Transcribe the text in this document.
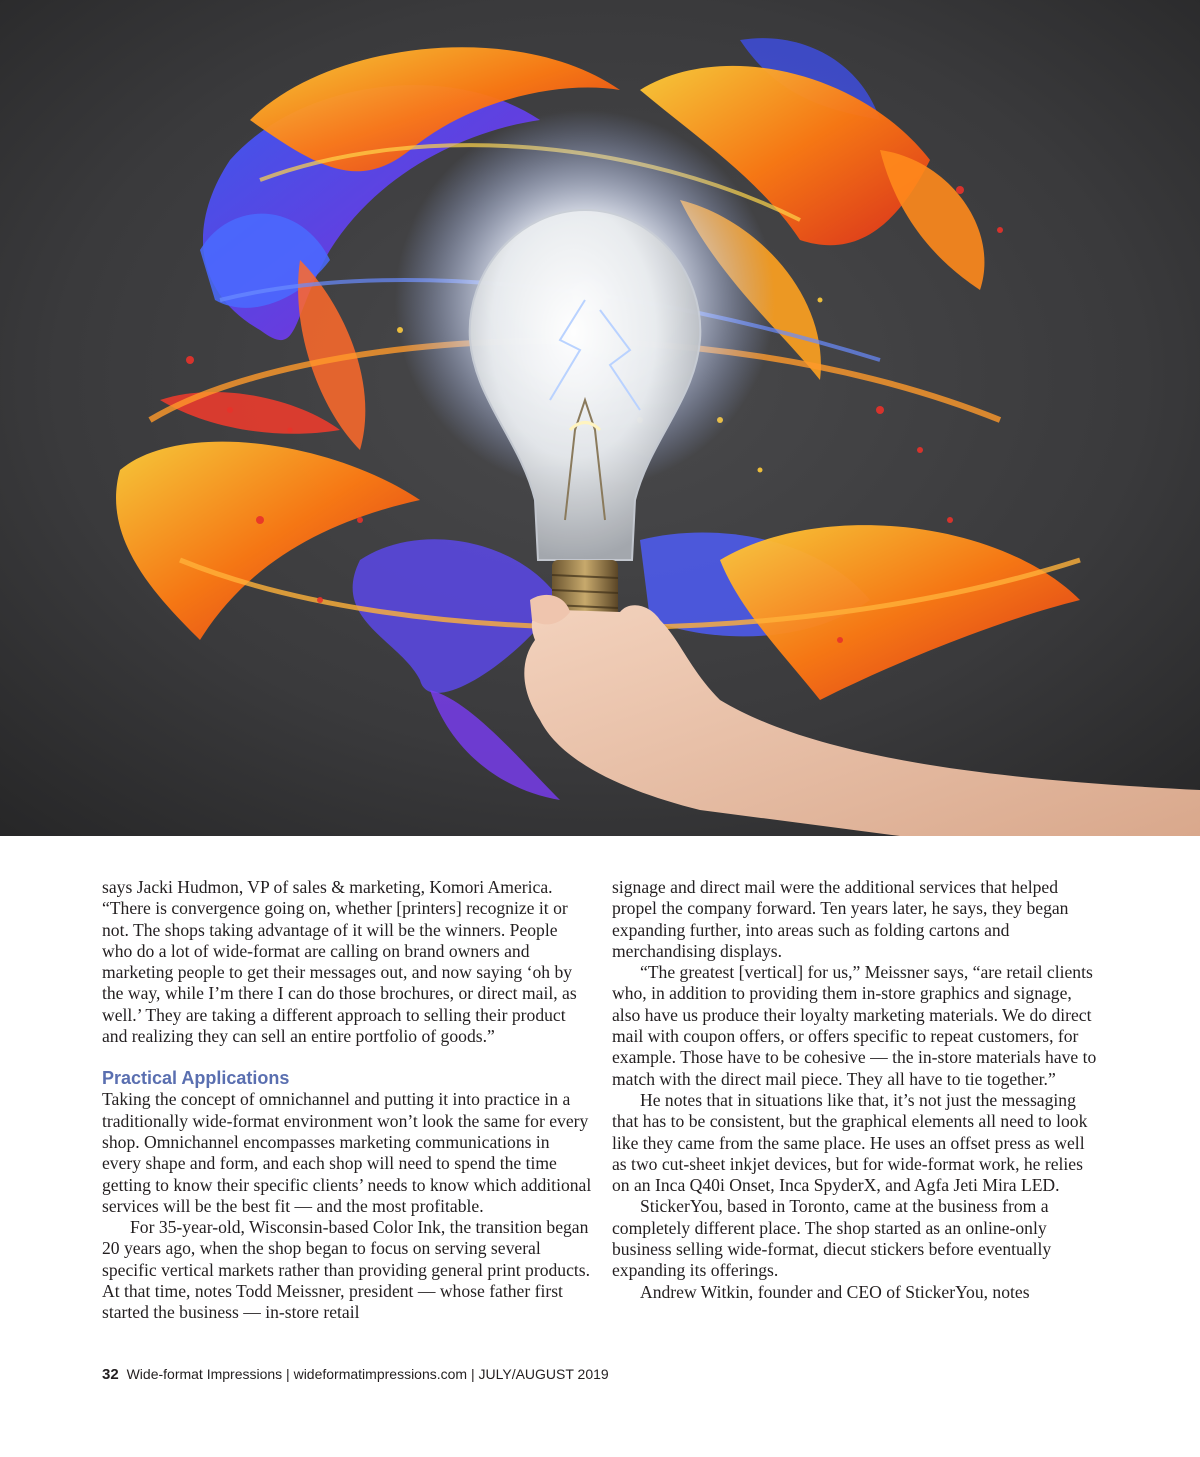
says Jacki Hudmon, VP of sales & marketing, Komori America. “There is convergence going on, whether [printers] recognize it or not. The shops taking advantage of it will be the winners. People who do a lot of wide-format are calling on brand owners and marketing people to get their messages out, and now saying ‘oh by the way, while I’m there I can do those brochures, or direct mail, as well.’ They are taking a different approach to selling their product and realizing they can sell an entire portfolio of goods.”

Practical Applications

Taking the concept of omnichannel and putting it into practice in a traditionally wide-format environment won’t look the same for every shop. Omnichannel encompasses marketing communications in every shape and form, and each shop will need to spend the time getting to know their specific clients’ needs to know which additional services will be the best fit — and the most profitable.

For 35-year-old, Wisconsin-based Color Ink, the transition began 20 years ago, when the shop began to focus on serving several specific vertical markets rather than providing general print products. At that time, notes Todd Meissner, president — whose father first started the business — in-store retail

signage and direct mail were the additional services that helped propel the company forward. Ten years later, he says, they began expanding further, into areas such as folding cartons and merchandising displays.

“The greatest [vertical] for us,” Meissner says, “are retail clients who, in addition to providing them in-store graphics and signage, also have us produce their loyalty marketing materials. We do direct mail with coupon offers, or offers specific to repeat customers, for example. Those have to be cohesive — the in-store materials have to match with the direct mail piece. They all have to tie together.”

He notes that in situations like that, it’s not just the messaging that has to be consistent, but the graphical elements all need to look like they came from the same place. He uses an offset press as well as two cut-sheet inkjet devices, but for wide-format work, he relies on an Inca Q40i Onset, Inca SpyderX, and Agfa Jeti Mira LED.

StickerYou, based in Toronto, came at the business from a completely different place. The shop started as an online-only business selling wide-format, diecut stickers before eventually expanding its offerings.

Andrew Witkin, founder and CEO of StickerYou, notes

32 Wide-format Impressions | wideformatimpressions.com | JULY/AUGUST 2019
